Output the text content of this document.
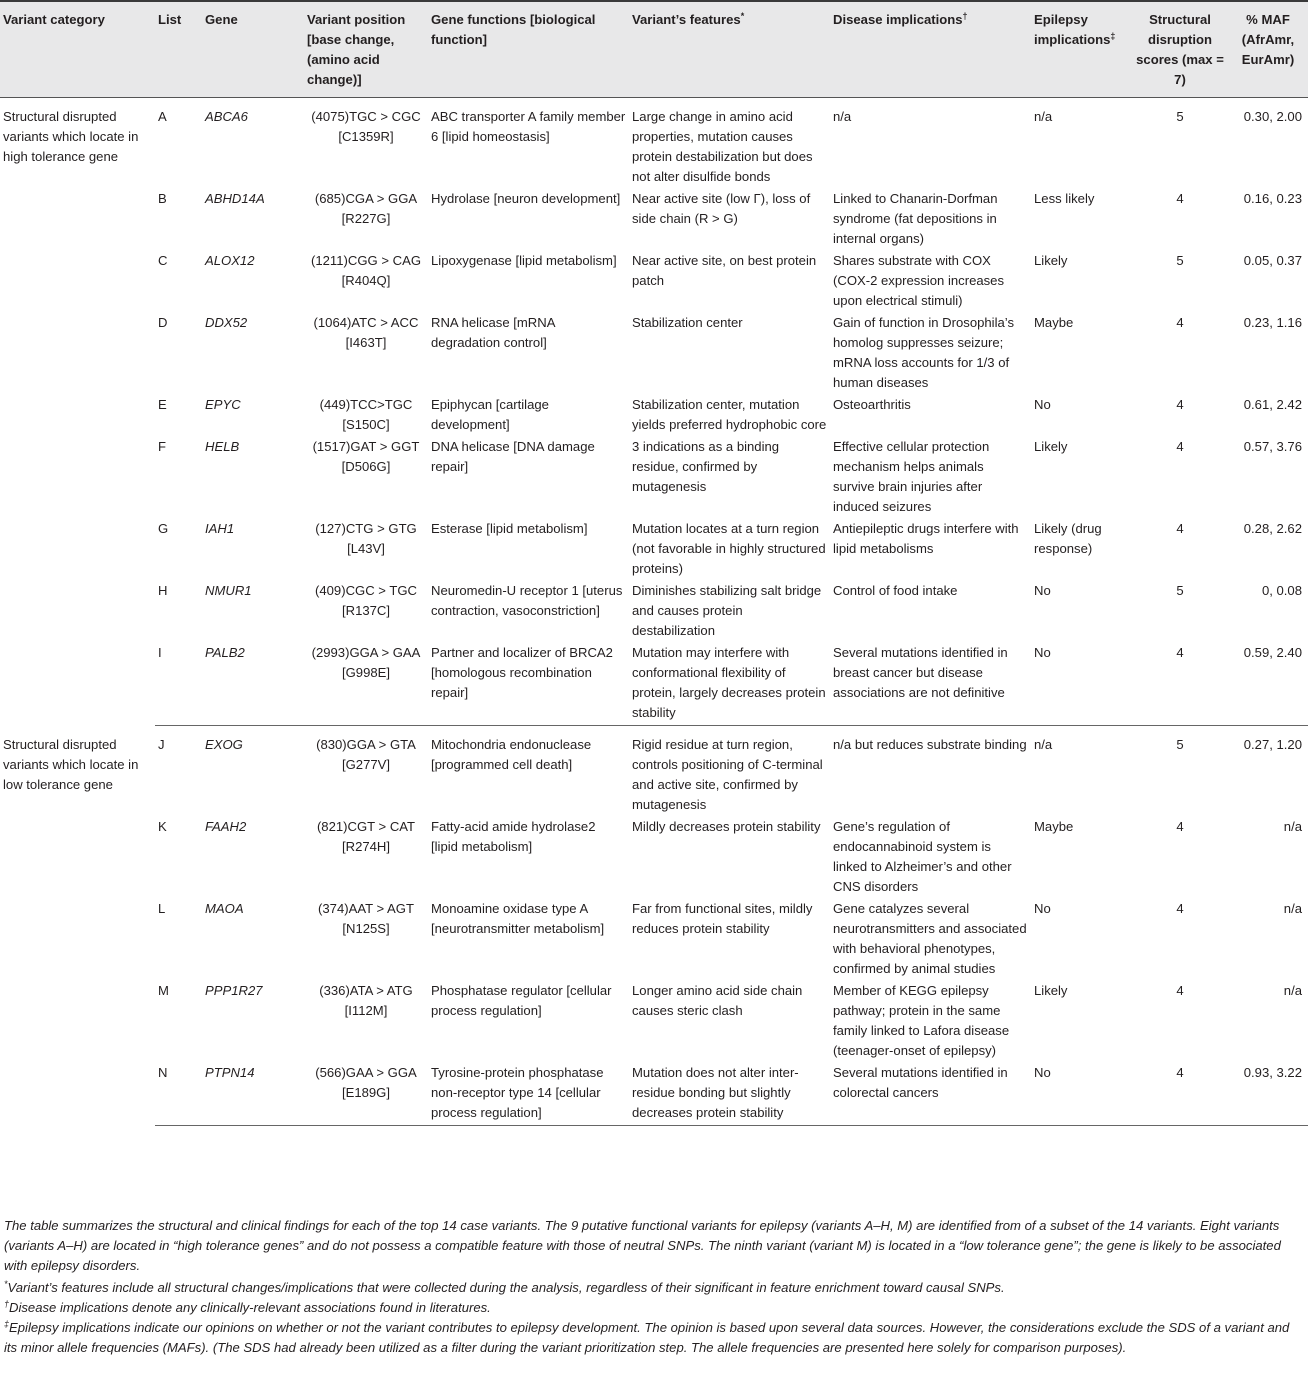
Variant category	List	Gene	Variant position [base change, (amino acid change)]	Gene functions [biological function]	Variant’s features*	Disease implications†	Epilepsy implications‡	Structural disruption scores (max = 7)	% MAF (AfrAmr, EurAmr)
Structural disrupted variants which locate in high tolerance gene	A	ABCA6	(4075)TGC > CGC [C1359R]	ABC transporter A family member 6 [lipid homeostasis]	Large change in amino acid properties, mutation causes protein destabilization but does not alter disulfide bonds	n/a	n/a	5	0.30, 2.00
	B	ABHD14A	(685)CGA > GGA [R227G]	Hydrolase [neuron development]	Near active site (low Γ), loss of side chain (R > G)	Linked to Chanarin-Dorfman syndrome (fat depositions in internal organs)	Less likely	4	0.16, 0.23
	C	ALOX12	(1211)CGG > CAG [R404Q]	Lipoxygenase [lipid metabolism]	Near active site, on best protein patch	Shares substrate with COX (COX-2 expression increases upon electrical stimuli)	Likely	5	0.05, 0.37
	D	DDX52	(1064)ATC > ACC [I463T]	RNA helicase [mRNA degradation control]	Stabilization center	Gain of function in Drosophila’s homolog suppresses seizure; mRNA loss accounts for 1/3 of human diseases	Maybe	4	0.23, 1.16
	E	EPYC	(449)TCC>TGC [S150C]	Epiphycan [cartilage development]	Stabilization center, mutation yields preferred hydrophobic core	Osteoarthritis	No	4	0.61, 2.42
	F	HELB	(1517)GAT > GGT [D506G]	DNA helicase [DNA damage repair]	3 indications as a binding residue, confirmed by mutagenesis	Effective cellular protection mechanism helps animals survive brain injuries after induced seizures	Likely	4	0.57, 3.76
	G	IAH1	(127)CTG > GTG [L43V]	Esterase [lipid metabolism]	Mutation locates at a turn region (not favorable in highly structured proteins)	Antiepileptic drugs interfere with lipid metabolisms	Likely (drug response)	4	0.28, 2.62
	H	NMUR1	(409)CGC > TGC [R137C]	Neuromedin-U receptor 1 [uterus contraction, vasoconstriction]	Diminishes stabilizing salt bridge and causes protein destabilization	Control of food intake	No	5	0, 0.08
	I	PALB2	(2993)GGA > GAA [G998E]	Partner and localizer of BRCA2 [homologous recombination repair]	Mutation may interfere with conformational flexibility of protein, largely decreases protein stability	Several mutations identified in breast cancer but disease associations are not definitive	No	4	0.59, 2.40
Structural disrupted variants which locate in low tolerance gene	J	EXOG	(830)GGA > GTA [G277V]	Mitochondria endonuclease [programmed cell death]	Rigid residue at turn region, controls positioning of C-terminal and active site, confirmed by mutagenesis	n/a but reduces substrate binding	n/a	5	0.27, 1.20
	K	FAAH2	(821)CGT > CAT [R274H]	Fatty-acid amide hydrolase2 [lipid metabolism]	Mildly decreases protein stability	Gene’s regulation of endocannabinoid system is linked to Alzheimer’s and other CNS disorders	Maybe	4	n/a
	L	MAOA	(374)AAT > AGT [N125S]	Monoamine oxidase type A [neurotransmitter metabolism]	Far from functional sites, mildly reduces protein stability	Gene catalyzes several neurotransmitters and associated with behavioral phenotypes, confirmed by animal studies	No	4	n/a
	M	PPP1R27	(336)ATA > ATG [I112M]	Phosphatase regulator [cellular process regulation]	Longer amino acid side chain causes steric clash	Member of KEGG epilepsy pathway; protein in the same family linked to Lafora disease (teenager-onset of epilepsy)	Likely	4	n/a
	N	PTPN14	(566)GAA > GGA [E189G]	Tyrosine-protein phosphatase non-receptor type 14 [cellular process regulation]	Mutation does not alter inter-residue bonding but slightly decreases protein stability	Several mutations identified in colorectal cancers	No	4	0.93, 3.22

The table summarizes the structural and clinical findings for each of the top 14 case variants. The 9 putative functional variants for epilepsy (variants A–H, M) are identified from of a subset of the 14 variants. Eight variants (variants A–H) are located in “high tolerance genes” and do not possess a compatible feature with those of neutral SNPs. The ninth variant (variant M) is located in a “low tolerance gene”; the gene is likely to be associated with epilepsy disorders.

*Variant’s features include all structural changes/implications that were collected during the analysis, regardless of their significant in feature enrichment toward causal SNPs.

†Disease implications denote any clinically-relevant associations found in literatures.

‡Epilepsy implications indicate our opinions on whether or not the variant contributes to epilepsy development. The opinion is based upon several data sources. However, the considerations exclude the SDS of a variant and its minor allele frequencies (MAFs). (The SDS had already been utilized as a filter during the variant prioritization step. The allele frequencies are presented here solely for comparison purposes).
